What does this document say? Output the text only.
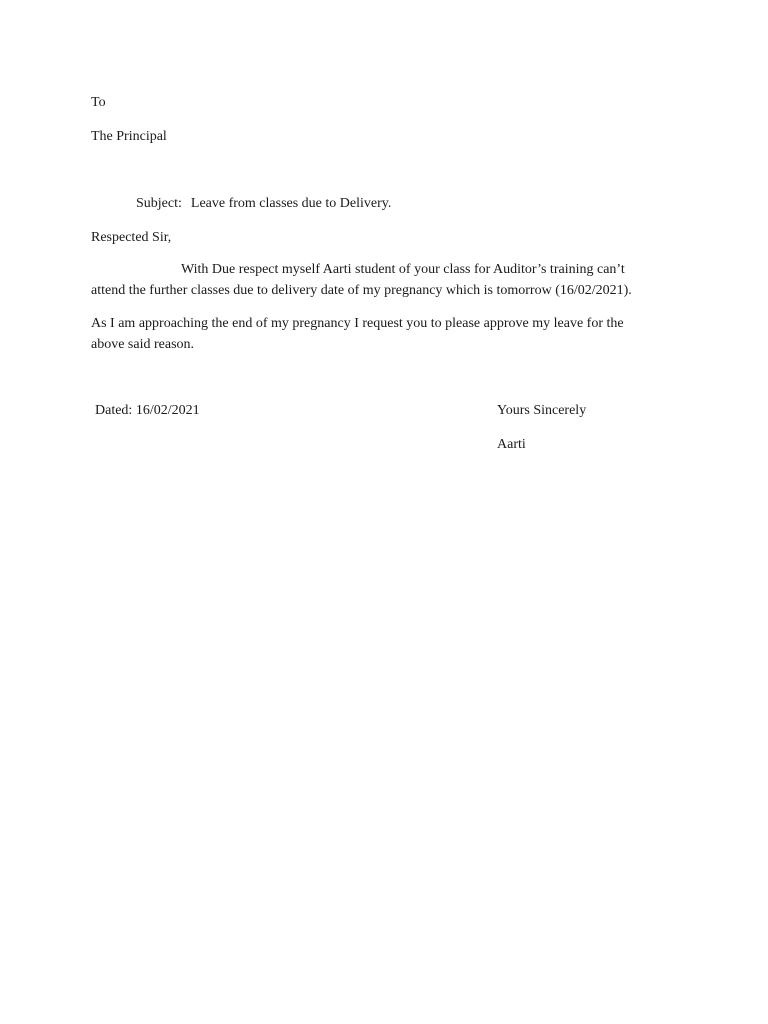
To
The Principal
Subject: Leave from classes due to Delivery.
Respected Sir,
With Due respect myself Aarti student of your class for Auditor’s training can’t
attend the further classes due to delivery date of my pregnancy which is tomorrow (16/02/2021).
As I am approaching the end of my pregnancy I request you to please approve my leave for the
above said reason.
Dated: 16/02/2021	Yours Sincerely
Aarti
